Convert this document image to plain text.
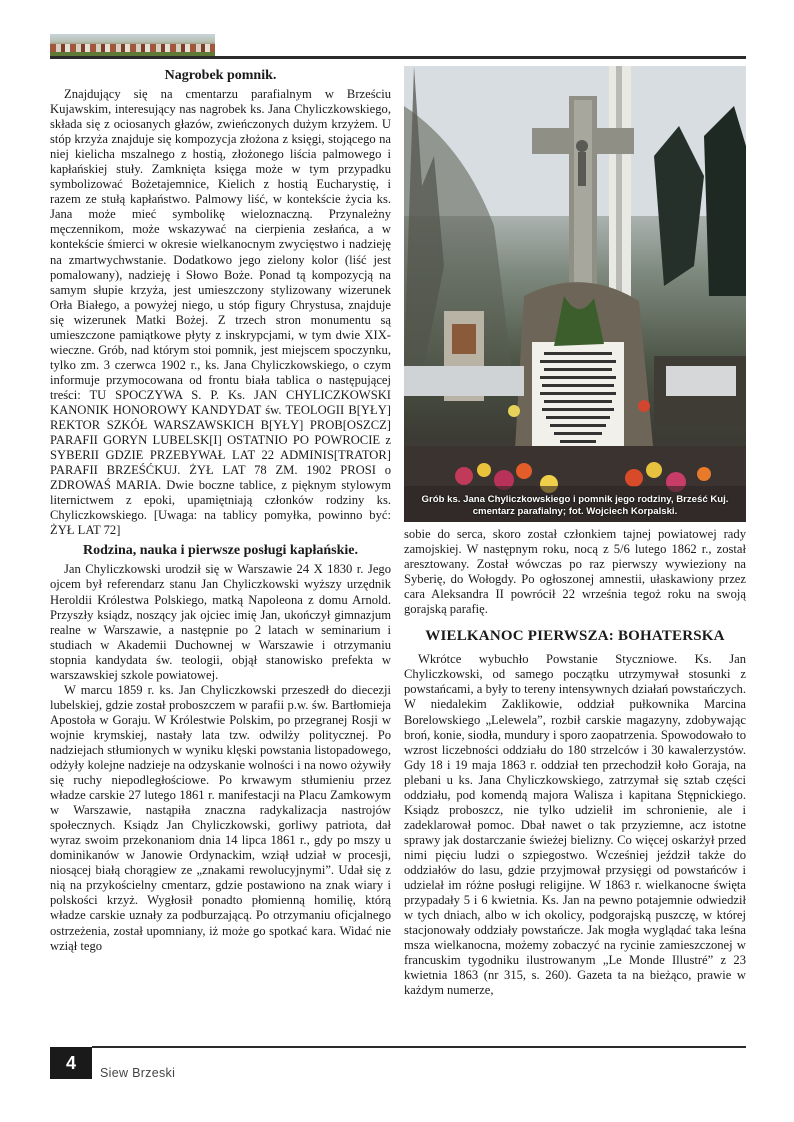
Nagrobek pomnik.

Znajdujący się na cmentarzu parafialnym w Brześciu Kujawskim, interesujący nas nagrobek ks. Jana Chyliczkowskiego, składa się z ociosanych głazów, zwieńczonych dużym krzyżem. U stóp krzyża znajduje się kompozycja złożona z księgi, stojącego na niej kielicha mszalnego z hostią, złożonego liścia palmowego i kapłańskiej stuły. Zamknięta księga może w tym przypadku symbolizować Bożetajemnice, Kielich z hostią Eucharystię, i razem ze stułą kapłaństwo. Palmowy liść, w kontekście życia ks. Jana może mieć symbolikę wieloznaczną. Przynależny męczennikom, może wskazywać na cierpienia zesłańca, a w kontekście śmierci w okresie wielkanocnym zwycięstwo i nadzieję na zmartwychwstanie. Dodatkowo jego zielony kolor (liść jest pomalowany), nadzieję i Słowo Boże. Ponad tą kompozycją na samym słupie krzyża, jest umieszczony stylizowany wizerunek Orła Białego, a powyżej niego, u stóp figury Chrystusa, znajduje się wizerunek Matki Bożej. Z trzech stron monumentu są umieszczone pamiątkowe płyty z inskrypcjami, w tym dwie XIX-wieczne. Grób, nad którym stoi pomnik, jest miejscem spoczynku, tylko zm. 3 czerwca 1902 r., ks. Jana Chyliczkowskiego, o czym informuje przymocowana od frontu biała tablica o następującej treści: TU SPOCZYWA S. P. Ks. JAN CHYLICZKOWSKI KANONIK HONOROWY KANDYDAT św. TEOLOGII B[YŁY] REKTOR SZKÓŁ WARSZAWSKICH B[YŁY] PROB[OSZCZ] PARAFII GORYN LUBELSK[I] OSTATNIO PO POWROCIE z SYBERII GDZIE PRZEBYWAŁ LAT 22 ADMINIS[TRATOR] PARAFII BRZEŚĆKUJ. ŻYŁ LAT 78 ZM. 1902 PROSI o ZDROWAŚ MARIA. Dwie boczne tablice, z pięknym stylowym liternictwem z epoki, upamiętniają członków rodziny ks. Chyliczkowskiego. [Uwaga: na tablicy pomyłka, powinno być: ŻYŁ LAT 72]

Rodzina, nauka i pierwsze posługi kapłańskie.

Jan Chyliczkowski urodził się w Warszawie 24 X 1830 r. Jego ojcem był referendarz stanu Jan Chyliczkowski wyższy urzędnik Heroldii Królestwa Polskiego, matką Napoleona z domu Arnold. Przyszły ksiądz, noszący jak ojciec imię Jan, ukończył gimnazjum realne w Warszawie, a następnie po 2 latach w seminarium i studiach w Akademii Duchownej w Warszawie i otrzymaniu stopnia kandydata św. teologii, objął stanowisko prefekta w warszawskiej szkole powiatowej.

W marcu 1859 r. ks. Jan Chyliczkowski przeszedł do diecezji lubelskiej, gdzie został proboszczem w parafii p.w. św. Bartłomieja Apostoła w Goraju. W Królestwie Polskim, po przegranej Rosji w wojnie krymskiej, nastały lata tzw. odwilży politycznej. Po nadziejach stłumionych w wyniku klęski powstania listopadowego, odżyły kolejne nadzieje na odzyskanie wolności i na nowo ożywiły się ruchy niepodległościowe. Po krwawym stłumieniu przez władze carskie 27 lutego 1861 r. manifestacji na Placu Zamkowym w Warszawie, nastąpiła znaczna radykalizacja nastrojów społecznych. Ksiądz Jan Chyliczkowski, gorliwy patriota, dał wyraz swoim przekonaniom dnia 14 lipca 1861 r., gdy po mszy u dominikanów w Janowie Ordynackim, wziął udział w procesji, niosącej białą chorągiew ze „znakami rewolucyjnymi”. Udał się z nią na przykościelny cmentarz, gdzie postawiono na znak wiary i polskości krzyż. Wygłosił ponadto płomienną homilię, którą władze carskie uznały za podburzającą. Po otrzymaniu oficjalnego ostrzeżenia, został upomniany, iż może go spotkać kara. Widać nie wziął tego

Grób ks. Jana Chyliczkowskiego i pomnik jego rodziny, Brześć Kuj. cmentarz parafialny; fot. Wojciech Korpalski.

sobie do serca, skoro został członkiem tajnej powiatowej rady zamojskiej. W następnym roku, nocą z 5/6 lutego 1862 r., został aresztowany. Został wówczas po raz pierwszy wywieziony na Syberię, do Wołogdy. Po ogłoszonej amnestii, ułaskawiony przez cara Aleksandra II powrócił 22 września tegoż roku na swoją gorajską parafię.

WIELKANOC PIERWSZA: BOHATERSKA

Wkrótce wybuchło Powstanie Styczniowe. Ks. Jan Chyliczkowski, od samego początku utrzymywał stosunki z powstańcami, a były to tereny intensywnych działań powstańczych. W niedalekim Zaklikowie, oddział pułkownika Marcina Borelowskiego „Lelewela”, rozbił carskie magazyny, zdobywając broń, konie, siodła, mundury i sporo zaopatrzenia. Spowodowało to wzrost liczebności oddziału do 180 strzelców i 30 kawalerzystów. Gdy 18 i 19 maja 1863 r. oddział ten przechodził koło Goraja, na plebani u ks. Jana Chyliczkowskiego, zatrzymał się sztab części oddziału, pod komendą majora Walisza i kapitana Stępnickiego. Ksiądz proboszcz, nie tylko udzielił im schronienie, ale i zadeklarował pomoc. Dbał nawet o tak przyziemne, acz istotne sprawy jak dostarczanie świeżej bielizny. Co więcej oskarżył przed nimi pięciu ludzi o szpiegostwo. Wcześniej jeździł także do oddziałów do lasu, gdzie przyjmował przysięgi od powstańców i udzielał im różne posługi religijne. W 1863 r. wielkanocne święta przypadały 5 i 6 kwietnia. Ks. Jan na pewno potajemnie odwiedził w tych dniach, albo w ich okolicy, podgorajską puszczę, w której stacjonowały oddziały powstańcze. Jak mogła wyglądać taka leśna msza wielkanocna, możemy zobaczyć na rycinie zamieszczonej w francuskim tygodniku ilustrowanym „Le Monde Illustré” z 23 kwietnia 1863 (nr 315, s. 260). Gazeta ta na bieżąco, prawie w każdym numerze,

4	Siew Brzeski
